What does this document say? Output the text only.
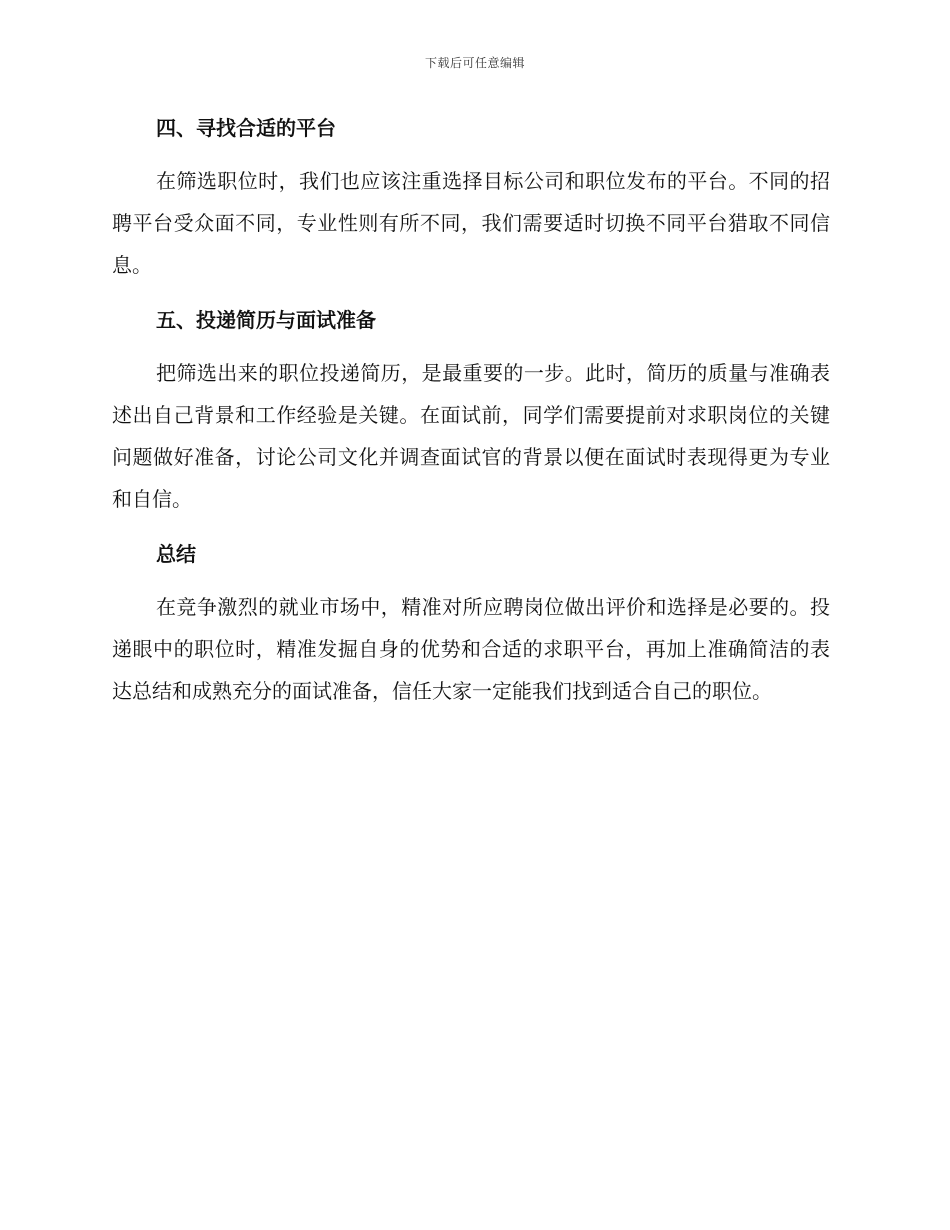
下载后可任意编辑
四、寻找合适的平台

在筛选职位时，我们也应该注重选择目标公司和职位发布的平台。不同的招聘平台受众面不同，专业性则有所不同，我们需要适时切换不同平台猎取不同信息。

五、投递简历与面试准备

把筛选出来的职位投递简历，是最重要的一步。此时，简历的质量与准确表述出自己背景和工作经验是关键。在面试前，同学们需要提前对求职岗位的关键问题做好准备，讨论公司文化并调查面试官的背景以便在面试时表现得更为专业和自信。

总结

在竞争激烈的就业市场中，精准对所应聘岗位做出评价和选择是必要的。投递眼中的职位时，精准发掘自身的优势和合适的求职平台，再加上准确简洁的表达总结和成熟充分的面试准备，信任大家一定能我们找到适合自己的职位。
